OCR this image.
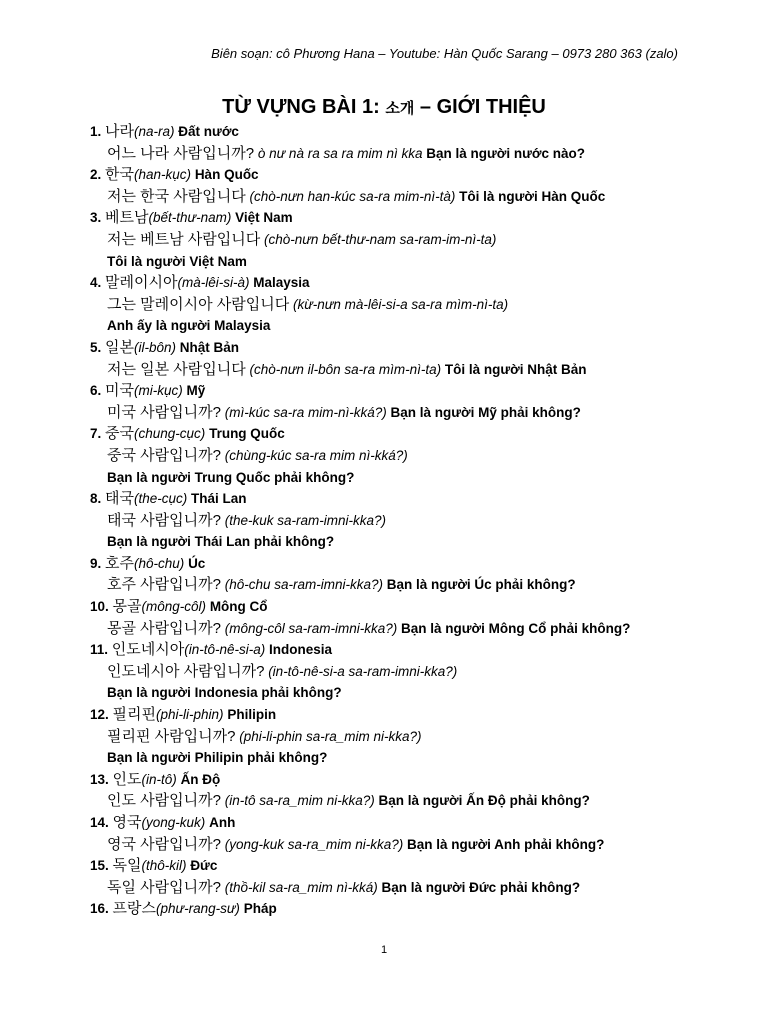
Biên soạn: cô Phương Hana – Youtube: Hàn Quốc Sarang – 0973 280 363 (zalo)
TỪ VỰNG BÀI 1: 소개 – GIỚI THIỆU
1. 나라(na-ra) Đất nước
어느 나라 사람입니까? ò nư nà ra sa ra mim nì kka Bạn là người nước nào?
2. 한국(han-kục) Hàn Quốc
저는 한국 사람입니다 (chò-nưn han-kúc sa-ra mim-nì-tà) Tôi là người Hàn Quốc
3. 베트남(bết-thư-nam) Việt Nam
저는 베트남 사람입니다 (chò-nưn bết-thư-nam sa-ram-im-nì-ta)
Tôi là người Việt Nam
4. 말레이시아(mà-lêi-si-à) Malaysia
그는 말레이시아 사람입니다 (kừ-nưn mà-lêi-si-a sa-ra mìm-nì-ta)
Anh ấy là người Malaysia
5. 일본(il-bôn) Nhật Bản
저는 일본 사람입니다 (chò-nưn il-bôn sa-ra mìm-nì-ta) Tôi là người Nhật Bản
6. 미국(mi-kục) Mỹ
미국 사람입니까? (mì-kúc sa-ra mim-nì-kká?) Bạn là người Mỹ phải không?
7. 중국(chung-cục) Trung Quốc
중국 사람입니까? (chùng-kúc sa-ra mim nì-kká?)
Bạn là người Trung Quốc phải không?
8. 태국(the-cục) Thái Lan
태국 사람입니까? (the-kuk sa-ram-imni-kka?)
Bạn là người Thái Lan phải không?
9. 호주(hô-chu) Úc
호주 사람입니까? (hô-chu sa-ram-imni-kka?) Bạn là người Úc phải không?
10. 몽골(mông-côl) Mông Cổ
몽골 사람입니까? (mông-côl sa-ram-imni-kka?) Bạn là người Mông Cổ phải không?
11. 인도네시아(in-tô-nê-si-a) Indonesia
인도네시아 사람입니까? (in-tô-nê-si-a sa-ram-imni-kka?)
Bạn là người Indonesia phải không?
12. 필리핀(phi-li-phin) Philipin
필리핀 사람입니까? (phi-li-phin sa-ra_mim ni-kka?)
Bạn là người Philipin phải không?
13. 인도(in-tô) Ấn Độ
인도 사람입니까? (in-tô sa-ra_mim ni-kka?) Bạn là người Ấn Độ phải không?
14. 영국(yong-kuk) Anh
영국 사람입니까? (yong-kuk sa-ra_mim ni-kka?) Bạn là người Anh phải không?
15. 독일(thô-kil) Đức
독일 사람입니까? (thồ-kil sa-ra_mim nì-kká) Bạn là người Đức phải không?
16. 프랑스(phư-rang-sư) Pháp
1
